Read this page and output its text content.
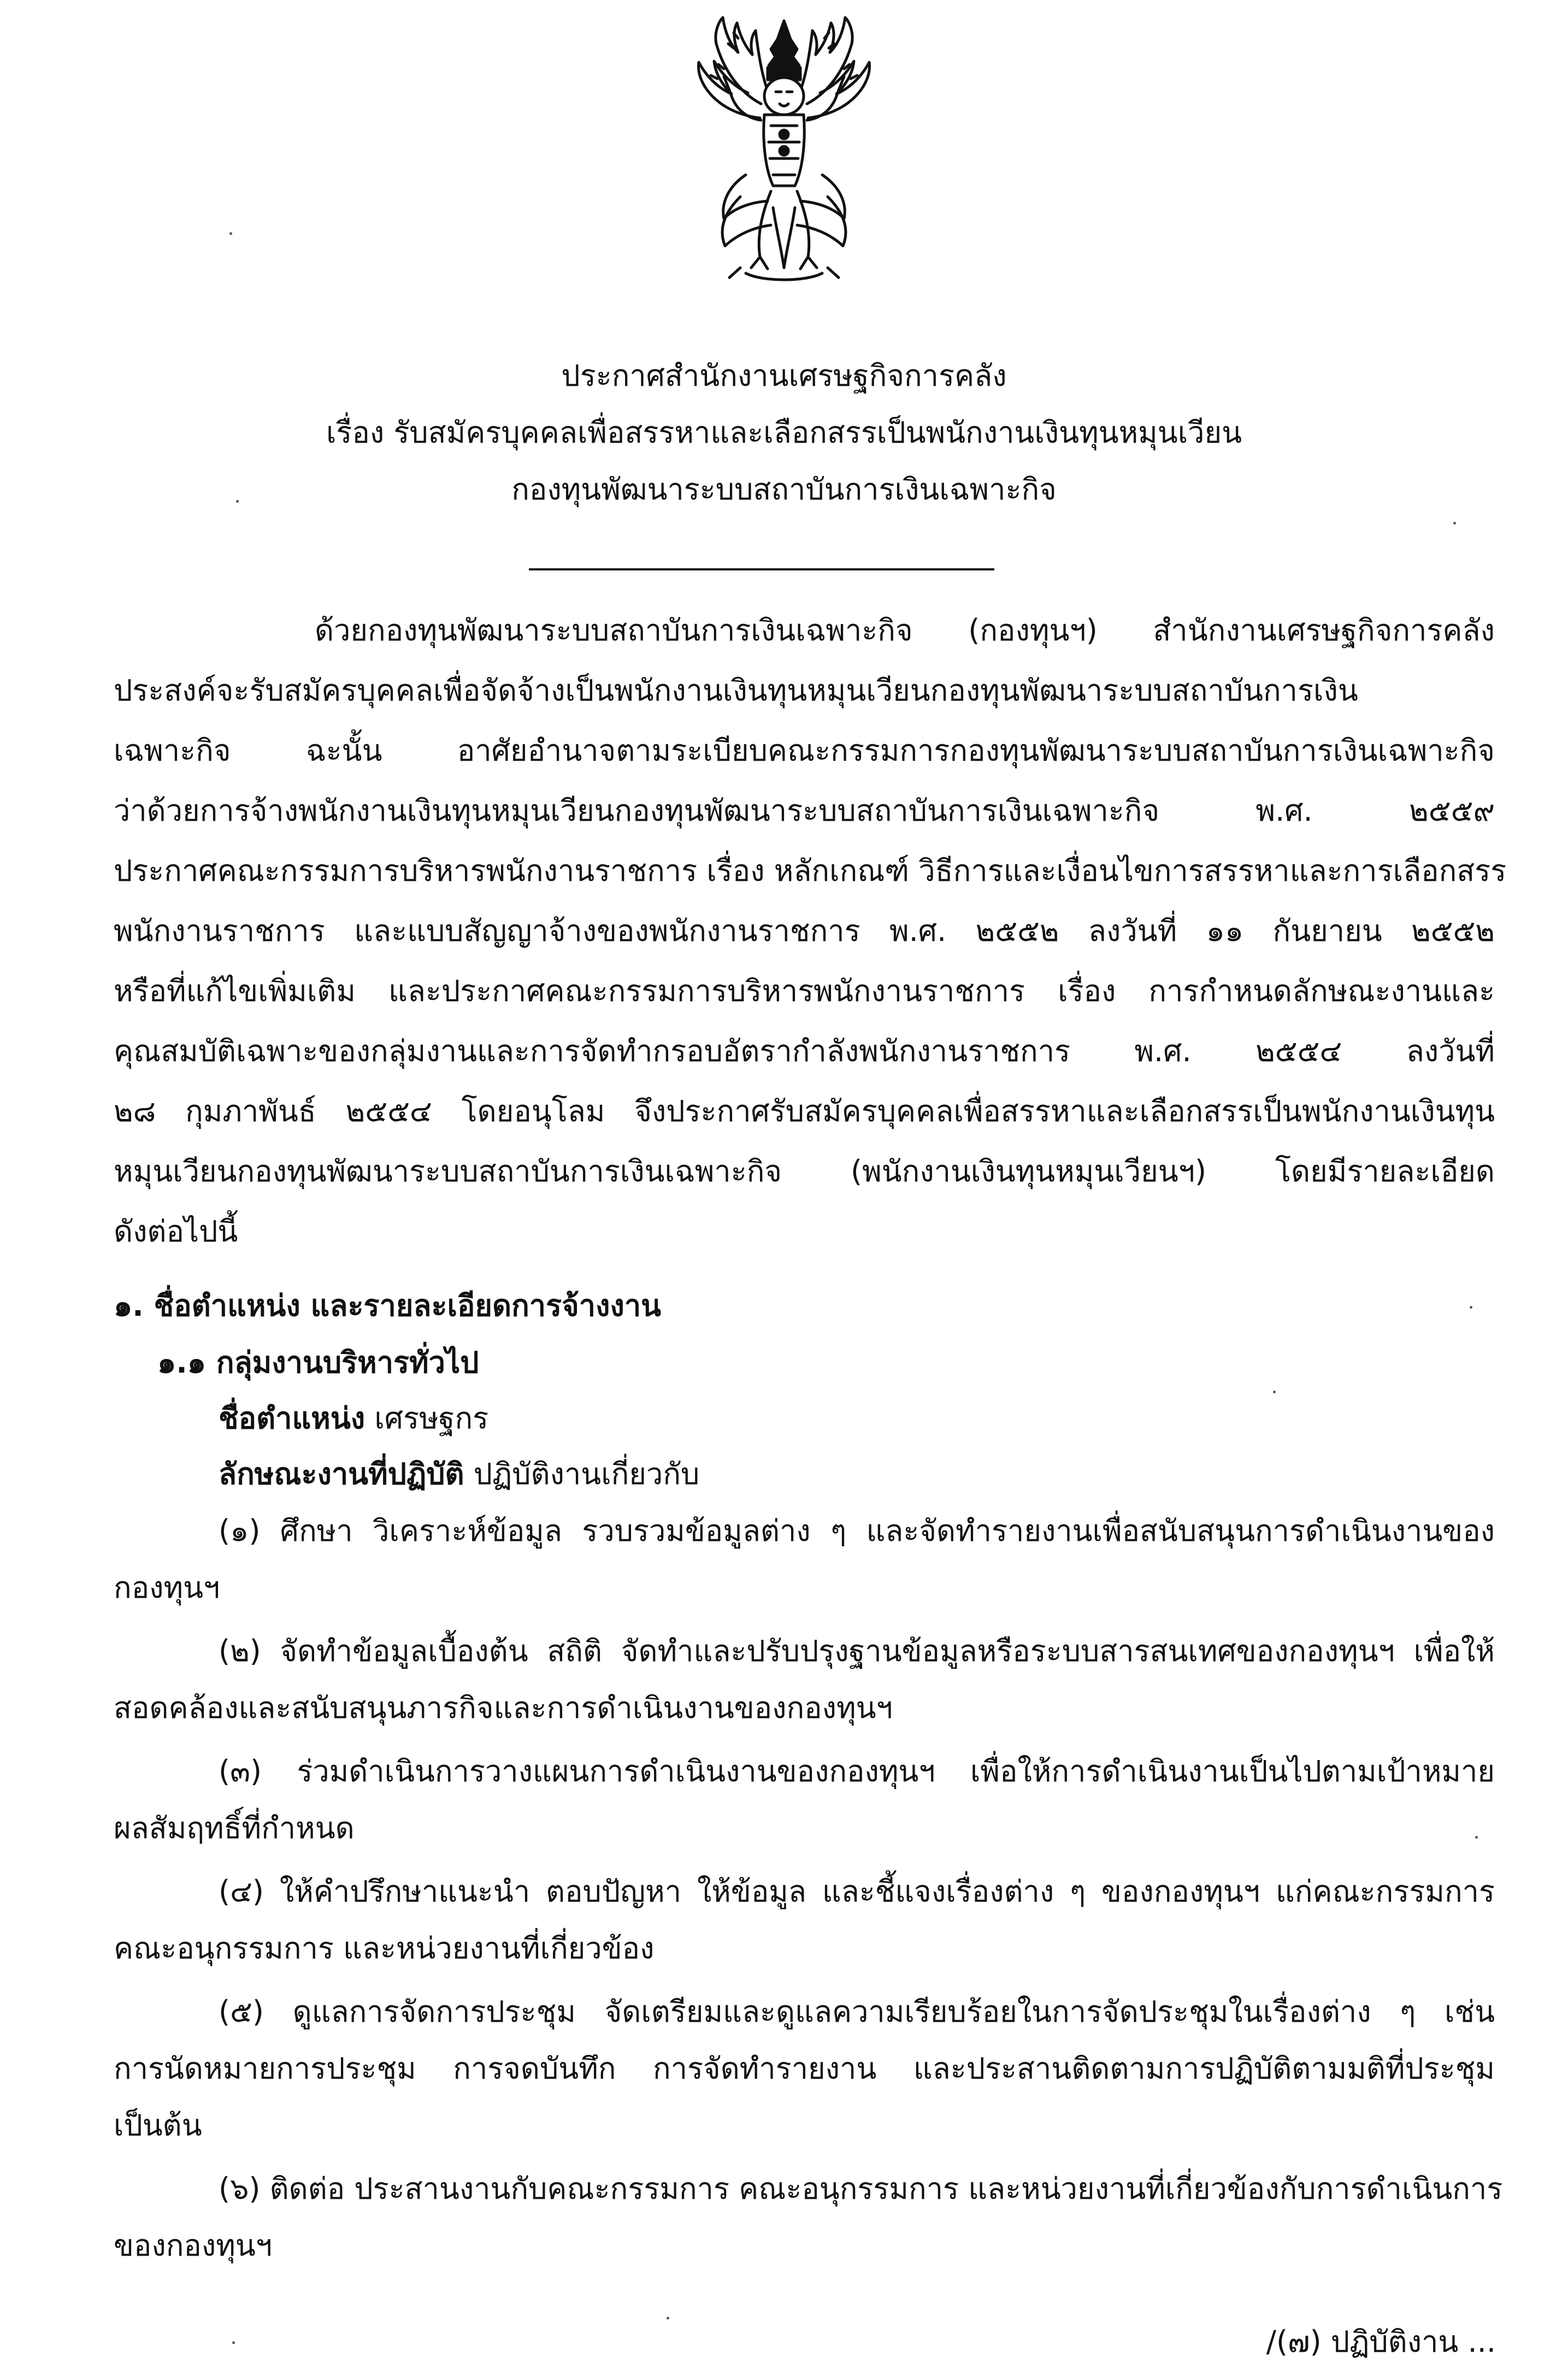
ประกาศสำนักงานเศรษฐกิจการคลัง
เรื่อง รับสมัครบุคคลเพื่อสรรหาและเลือกสรรเป็นพนักงานเงินทุนหมุนเวียน
กองทุนพัฒนาระบบสถาบันการเงินเฉพาะกิจ
ด้วยกองทุนพัฒนาระบบสถาบันการเงินเฉพาะกิจ (กองทุนฯ) สำนักงานเศรษฐกิจการคลัง
ประสงค์จะรับสมัครบุคคลเพื่อจัดจ้างเป็นพนักงานเงินทุนหมุนเวียนกองทุนพัฒนาระบบสถาบันการเงิน
เฉพาะกิจ ฉะนั้น อาศัยอำนาจตามระเบียบคณะกรรมการกองทุนพัฒนาระบบสถาบันการเงินเฉพาะกิจ
ว่าด้วยการจ้างพนักงานเงินทุนหมุนเวียนกองทุนพัฒนาระบบสถาบันการเงินเฉพาะกิจ พ.ศ. ๒๕๕๙
ประกาศคณะกรรมการบริหารพนักงานราชการ เรื่อง หลักเกณฑ์ วิธีการและเงื่อนไขการสรรหาและการเลือกสรร
พนักงานราชการ และแบบสัญญาจ้างของพนักงานราชการ พ.ศ. ๒๕๕๒ ลงวันที่ ๑๑ กันยายน ๒๕๕๒
หรือที่แก้ไขเพิ่มเติม และประกาศคณะกรรมการบริหารพนักงานราชการ เรื่อง การกำหนดลักษณะงานและ
คุณสมบัติเฉพาะของกลุ่มงานและการจัดทำกรอบอัตรากำลังพนักงานราชการ พ.ศ. ๒๕๕๔ ลงวันที่
๒๘ กุมภาพันธ์ ๒๕๕๔ โดยอนุโลม จึงประกาศรับสมัครบุคคลเพื่อสรรหาและเลือกสรรเป็นพนักงานเงินทุน
หมุนเวียนกองทุนพัฒนาระบบสถาบันการเงินเฉพาะกิจ (พนักงานเงินทุนหมุนเวียนฯ) โดยมีรายละเอียด
ดังต่อไปนี้
๑. ชื่อตำแหน่ง และรายละเอียดการจ้างงาน
๑.๑ กลุ่มงานบริหารทั่วไป
ชื่อตำแหน่ง เศรษฐกร
ลักษณะงานที่ปฏิบัติ ปฏิบัติงานเกี่ยวกับ
(๑) ศึกษา วิเคราะห์ข้อมูล รวบรวมข้อมูลต่าง ๆ และจัดทำรายงานเพื่อสนับสนุนการดำเนินงานของ
กองทุนฯ
(๒) จัดทำข้อมูลเบื้องต้น สถิติ จัดทำและปรับปรุงฐานข้อมูลหรือระบบสารสนเทศของกองทุนฯ เพื่อให้
สอดคล้องและสนับสนุนภารกิจและการดำเนินงานของกองทุนฯ
(๓) ร่วมดำเนินการวางแผนการดำเนินงานของกองทุนฯ เพื่อให้การดำเนินงานเป็นไปตามเป้าหมาย
ผลสัมฤทธิ์ที่กำหนด
(๔) ให้คำปรึกษาแนะนำ ตอบปัญหา ให้ข้อมูล และชี้แจงเรื่องต่าง ๆ ของกองทุนฯ แก่คณะกรรมการ
คณะอนุกรรมการ และหน่วยงานที่เกี่ยวข้อง
(๕) ดูแลการจัดการประชุม จัดเตรียมและดูแลความเรียบร้อยในการจัดประชุมในเรื่องต่าง ๆ เช่น
การนัดหมายการประชุม การจดบันทึก การจัดทำรายงาน และประสานติดตามการปฏิบัติตามมติที่ประชุม
เป็นต้น
(๖) ติดต่อ ประสานงานกับคณะกรรมการ คณะอนุกรรมการ และหน่วยงานที่เกี่ยวข้องกับการดำเนินการ
ของกองทุนฯ
/(๗) ปฏิบัติงาน ...
